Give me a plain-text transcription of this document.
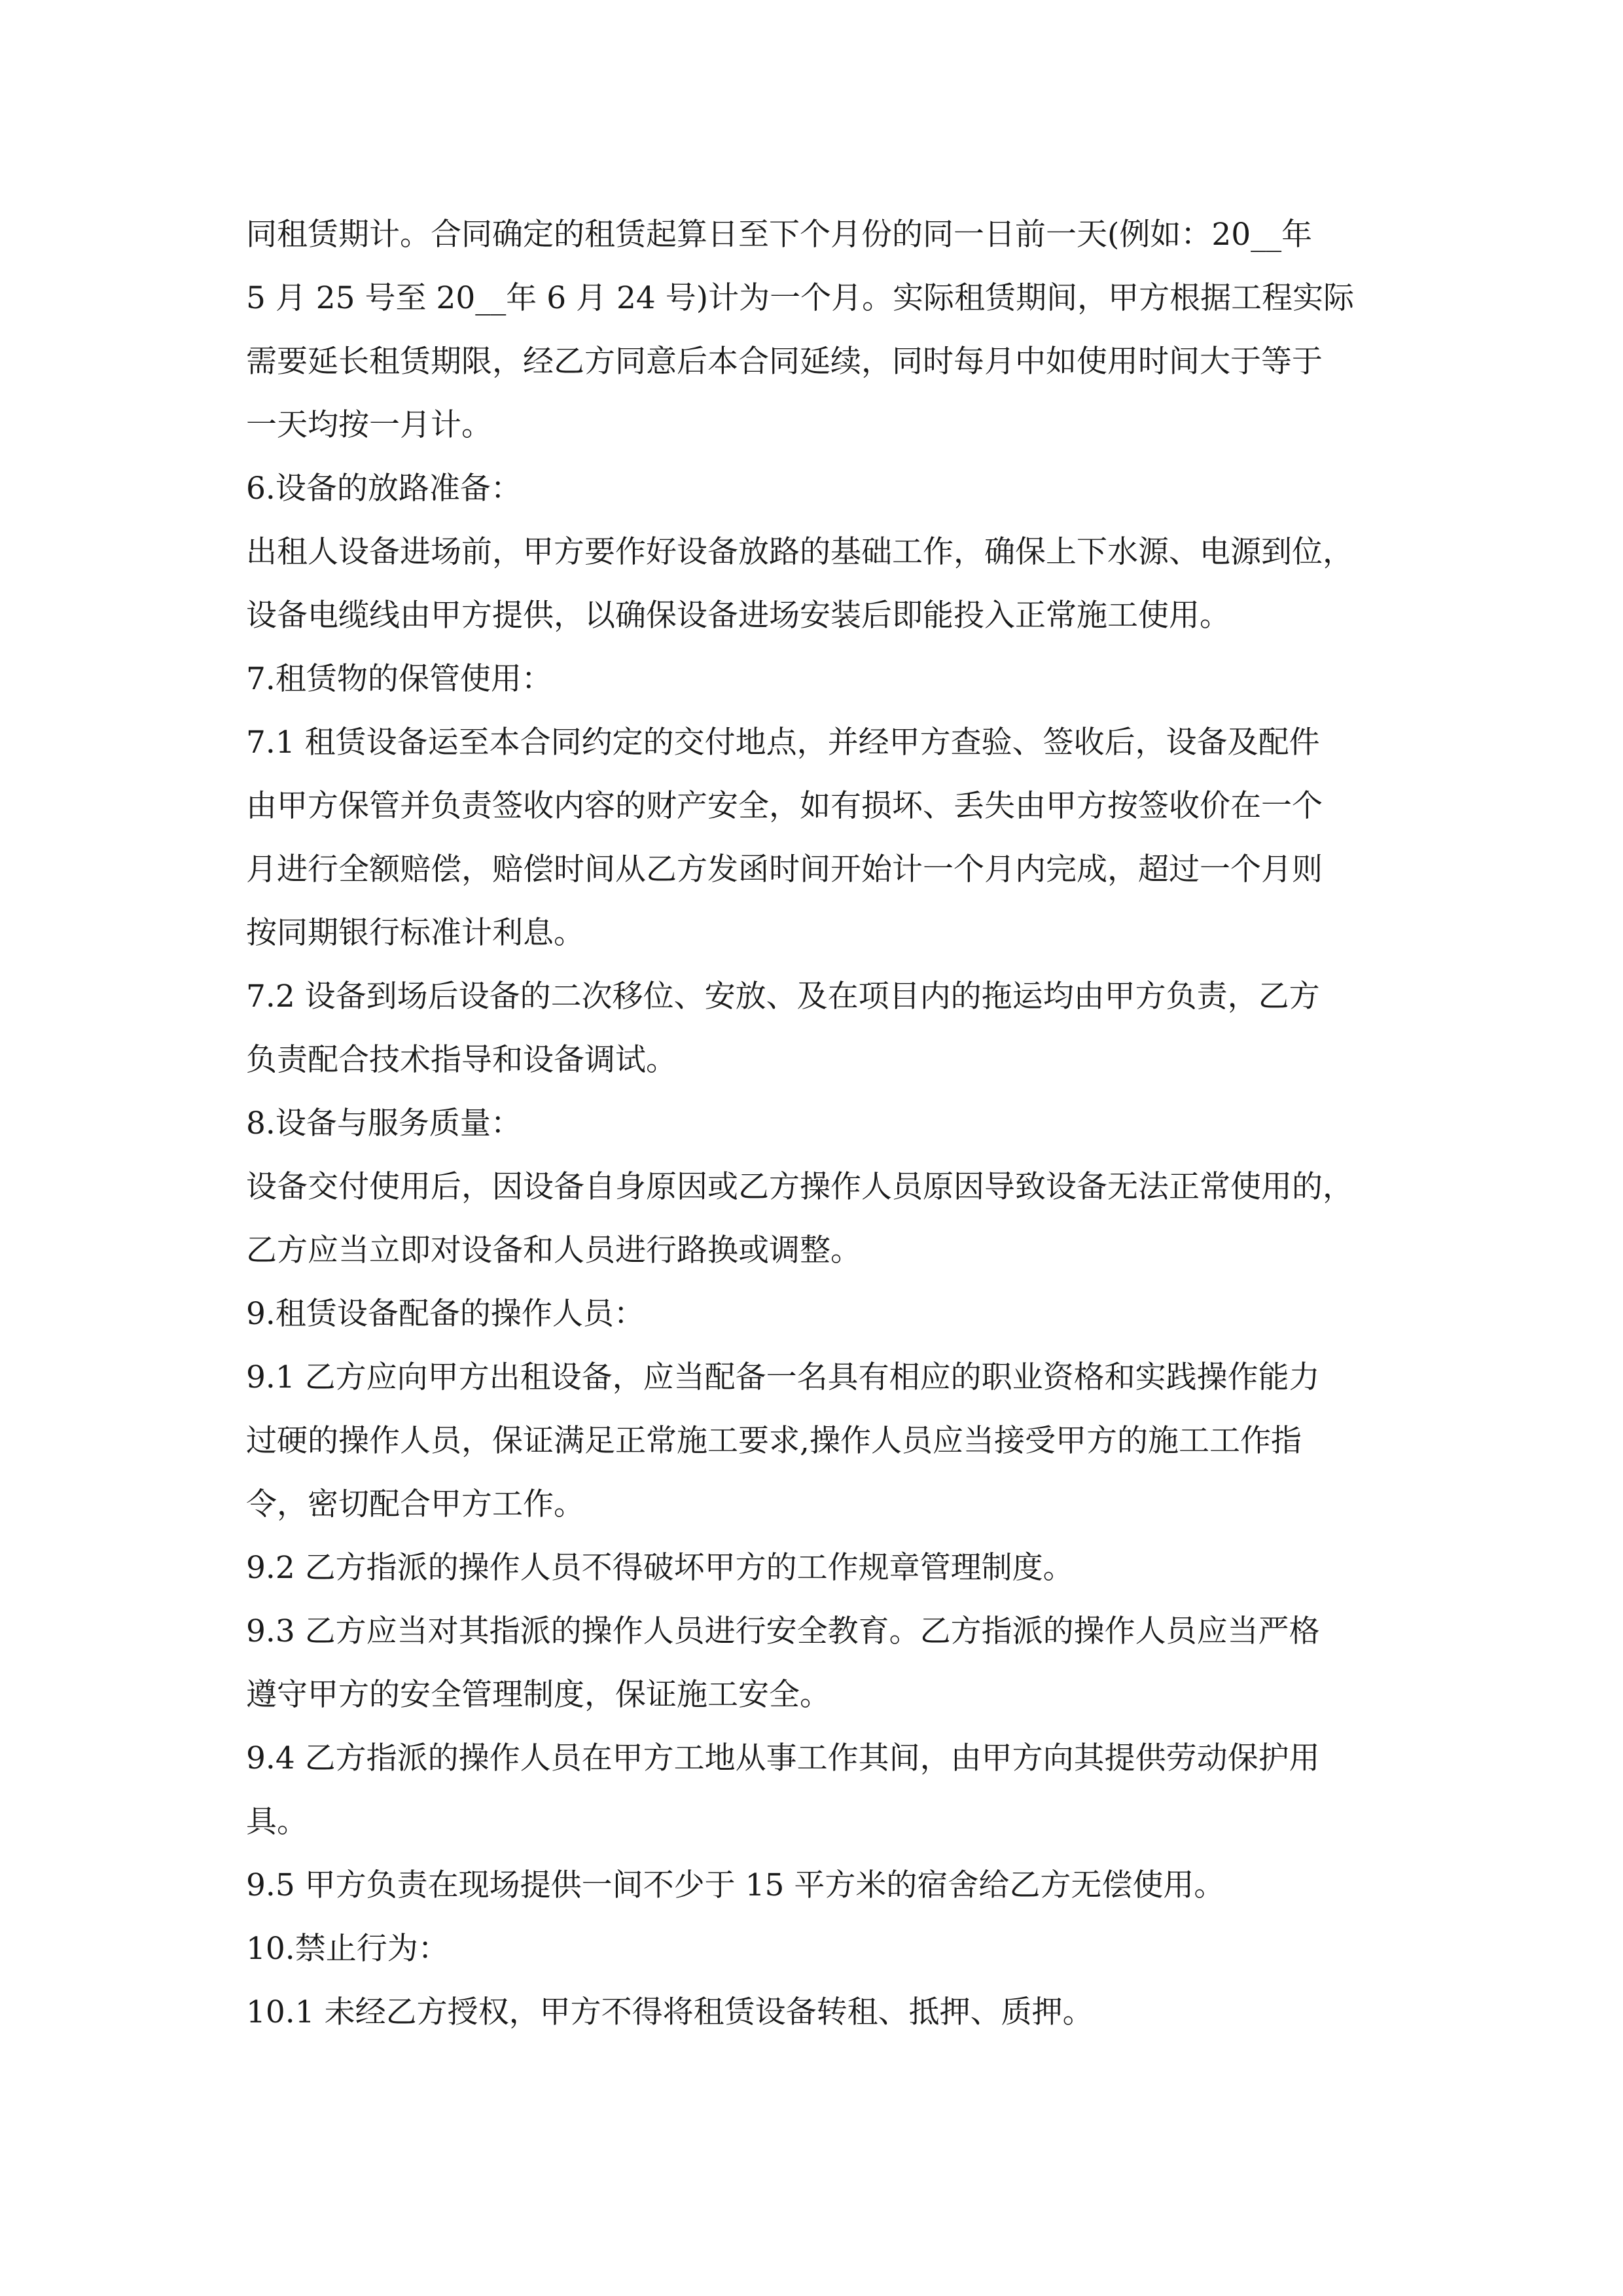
同租赁期计。合同确定的租赁起算日至下个月份的同一日前一天(例如：20__年
5 月 25 号至 20__年 6 月 24 号)计为一个月。实际租赁期间，甲方根据工程实际
需要延长租赁期限，经乙方同意后本合同延续，同时每月中如使用时间大于等于
一天均按一月计。
6.设备的放路准备：
出租人设备进场前，甲方要作好设备放路的基础工作，确保上下水源、电源到位，
设备电缆线由甲方提供，以确保设备进场安装后即能投入正常施工使用。
7.租赁物的保管使用：
7.1 租赁设备运至本合同约定的交付地点，并经甲方查验、签收后，设备及配件
由甲方保管并负责签收内容的财产安全，如有损坏、丢失由甲方按签收价在一个
月进行全额赔偿，赔偿时间从乙方发函时间开始计一个月内完成，超过一个月则
按同期银行标准计利息。
7.2 设备到场后设备的二次移位、安放、及在项目内的拖运均由甲方负责，乙方
负责配合技术指导和设备调试。
8.设备与服务质量：
设备交付使用后，因设备自身原因或乙方操作人员原因导致设备无法正常使用的，
乙方应当立即对设备和人员进行路换或调整。
9.租赁设备配备的操作人员：
9.1 乙方应向甲方出租设备，应当配备一名具有相应的职业资格和实践操作能力
过硬的操作人员，保证满足正常施工要求,操作人员应当接受甲方的施工工作指
令，密切配合甲方工作。
9.2 乙方指派的操作人员不得破坏甲方的工作规章管理制度。
9.3 乙方应当对其指派的操作人员进行安全教育。乙方指派的操作人员应当严格
遵守甲方的安全管理制度，保证施工安全。
9.4 乙方指派的操作人员在甲方工地从事工作其间，由甲方向其提供劳动保护用
具。
9.5 甲方负责在现场提供一间不少于 15 平方米的宿舍给乙方无偿使用。
10.禁止行为：
10.1 未经乙方授权，甲方不得将租赁设备转租、抵押、质押。
